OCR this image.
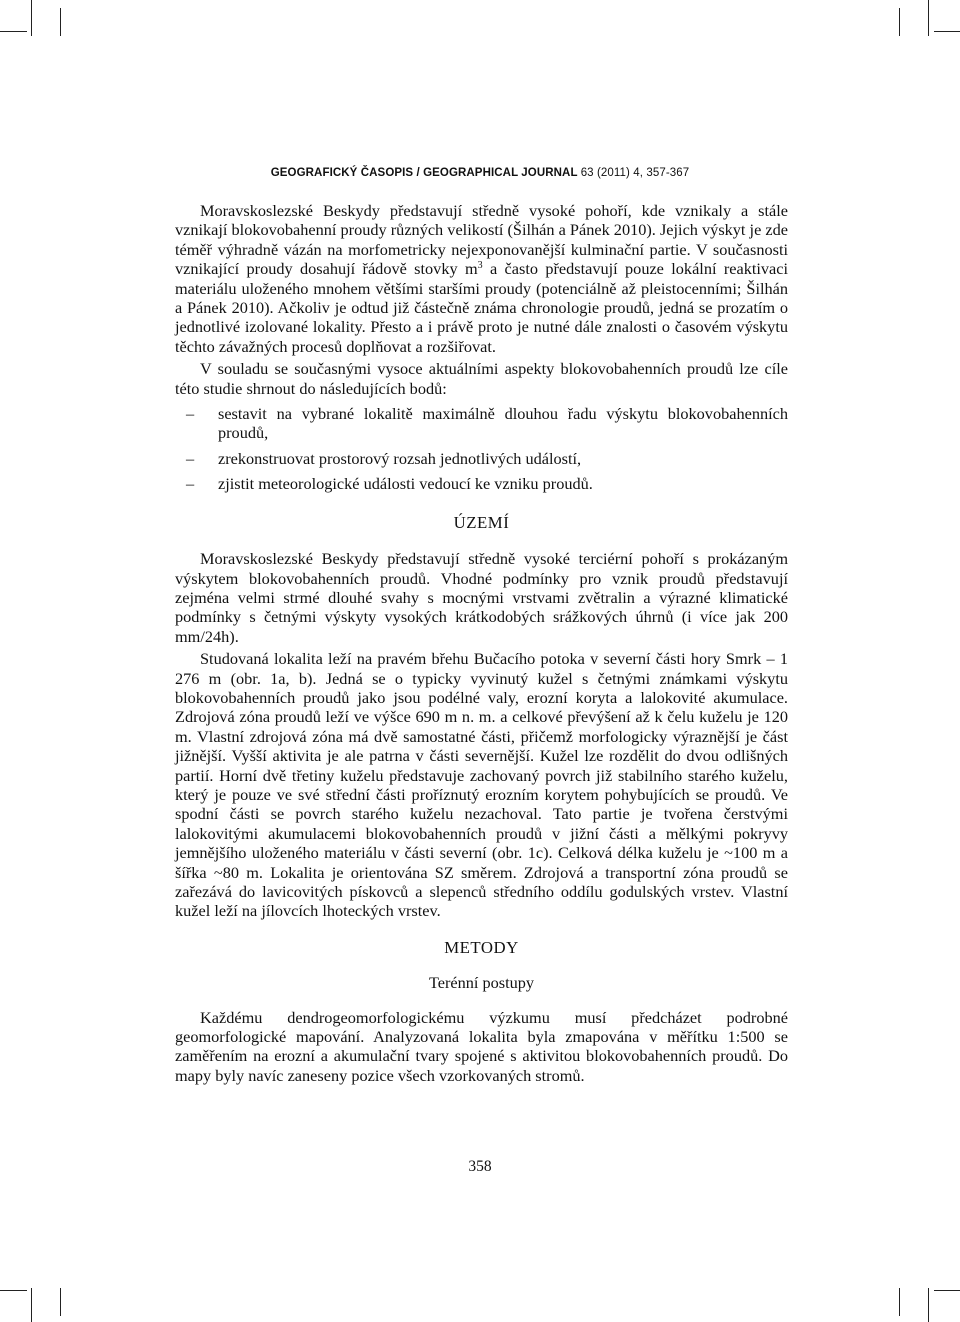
GEOGRAFICKÝ ČASOPIS / GEOGRAPHICAL JOURNAL 63 (2011) 4, 357-367

Moravskoslezské Beskydy představují středně vysoké pohoří, kde vznikaly a stále vznikají blokovobahenní proudy různých velikostí (Šilhán a Pánek 2010). Jejich výskyt je zde téměř výhradně vázán na morfometricky nejexponovanější kulminační partie. V současnosti vznikající proudy dosahují řádově stovky $m^3$ a často představují pouze lokální reaktivaci materiálu uloženého mnohem většími staršími proudy (potenciálně až pleistocenními; Šilhán a Pánek 2010). Ačkoliv je odtud již částečně známa chronologie proudů, jedná se prozatím o jednotlivé izolované lokality. Přesto a i právě proto je nutné dále znalosti o časovém výskytu těchto závažných procesů doplňovat a rozšiřovat.

V souladu se současnými vysoce aktuálními aspekty blokovobahenních proudů lze cíle této studie shrnout do následujících bodů:

– sestavit na vybrané lokalitě maximálně dlouhou řadu výskytu blokovobahenních proudů,
– zrekonstruovat prostorový rozsah jednotlivých událostí,
– zjistit meteorologické události vedoucí ke vzniku proudů.
ÚZEMÍ

Moravskoslezské Beskydy představují středně vysoké terciérní pohoří s prokázaným výskytem blokovobahenních proudů. Vhodné podmínky pro vznik proudů představují zejména velmi strmé dlouhé svahy s mocnými vrstvami zvětralin a výrazné klimatické podmínky s četnými výskyty vysokých krátkodobých srážkových úhrnů (i více jak 200 mm/24h).

Studovaná lokalita leží na pravém břehu Bučacího potoka v severní části hory Smrk – 1 276 m (obr. 1a, b). Jedná se o typicky vyvinutý kužel s četnými známkami výskytu blokovobahenních proudů jako jsou podélné valy, erozní koryta a lalokovité akumulace. Zdrojová zóna proudů leží ve výšce 690 m n. m. a celkové převýšení až k čelu kuželu je 120 m. Vlastní zdrojová zóna má dvě samostatné části, přičemž morfologicky výraznější je část jižnější. Vyšší aktivita je ale patrna v části severnější. Kužel lze rozdělit do dvou odlišných partií. Horní dvě třetiny kuželu představuje zachovaný povrch již stabilního starého kuželu, který je pouze ve své střední části proříznutý erozním korytem pohybujících se proudů. Ve spodní části se povrch starého kuželu nezachoval. Tato partie je tvořena čerstvými lalokovitými akumulacemi blokovobahenních proudů v jižní části a mělkými pokryvy jemnějšího uloženého materiálu v části severní (obr. 1c). Celková délka kuželu je ~100 m a šířka ~80 m. Lokalita je orientována SZ směrem. Zdrojová a transportní zóna proudů se zařezává do lavicovitých pískovců a slepenců středního oddílu godulských vrstev. Vlastní kužel leží na jílovcích lhoteckých vrstev.

METODY
Terénní postupy

Každému dendrogeomorfologickému výzkumu musí předcházet podrobné geomorfologické mapování. Analyzovaná lokalita byla zmapována v měřítku 1:500 se zaměřením na erozní a akumulační tvary spojené s aktivitou blokovobahenních proudů. Do mapy byly navíc zaneseny pozice všech vzorkovaných stromů.

358
